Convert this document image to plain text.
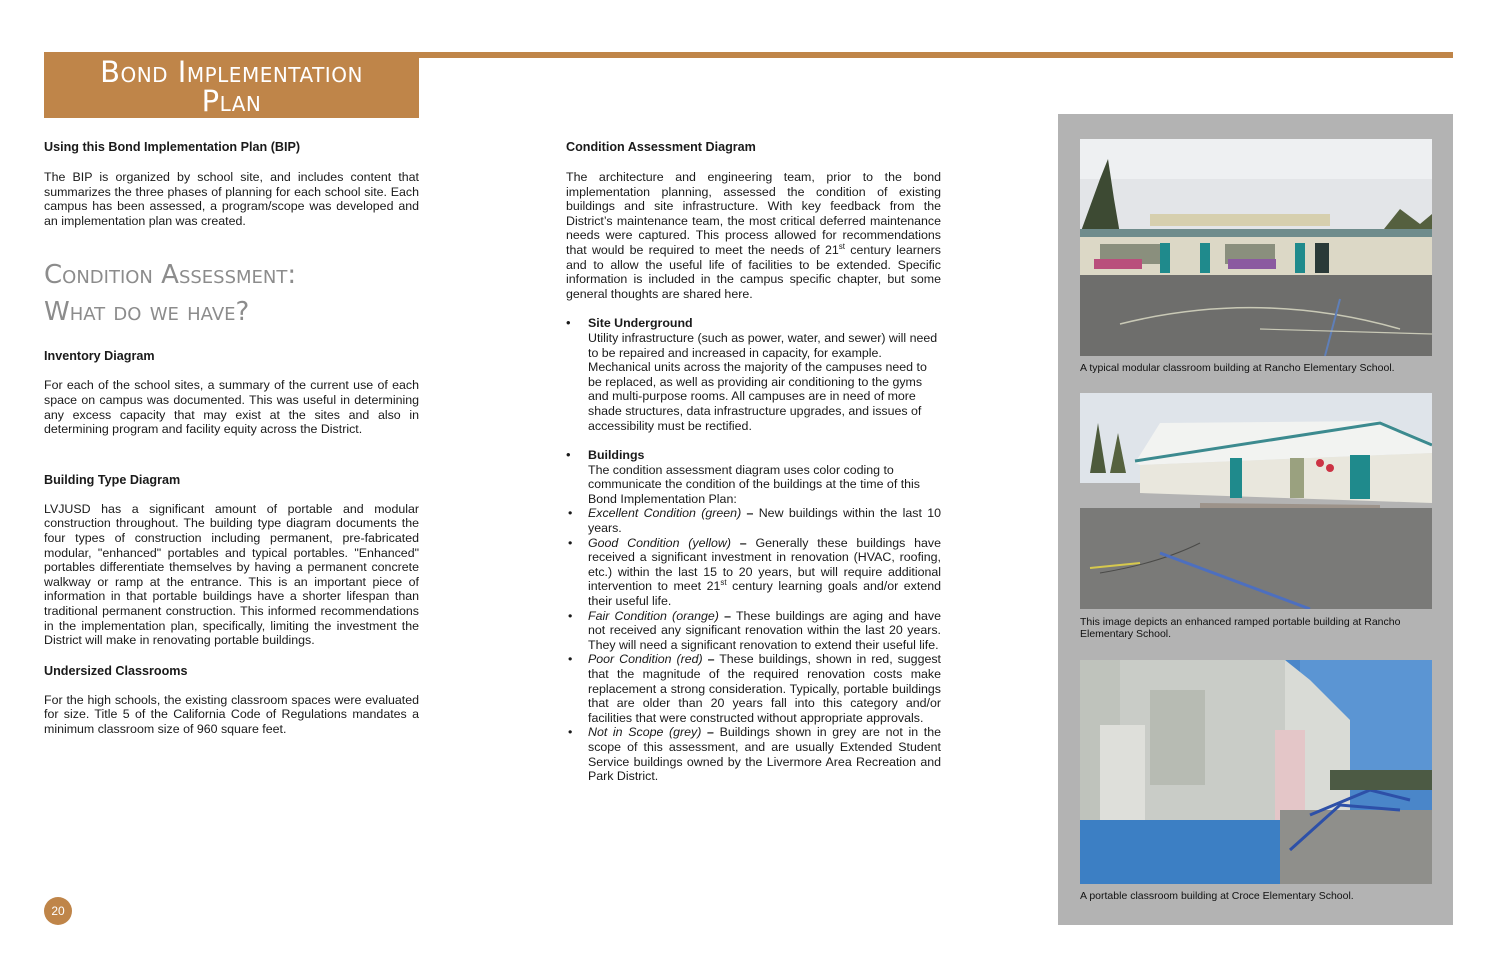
Bond Implementation
Plan
Using this Bond Implementation Plan (BIP)
The BIP is organized by school site, and includes content that summarizes the three phases of planning for each school site. Each campus has been assessed, a program/scope was developed and an implementation plan was created.
Condition Assessment:
What do we have?
Inventory Diagram
For each of the school sites, a summary of the current use of each space on campus was documented. This was useful in determining any excess capacity that may exist at the sites and also in determining program and facility equity across the District.
Building Type Diagram
LVJUSD has a significant amount of portable and modular construction throughout. The building type diagram documents the four types of construction including permanent, pre-fabricated modular, "enhanced" portables and typical portables. "Enhanced" portables differentiate themselves by having a permanent concrete walkway or ramp at the entrance. This is an important piece of information in that portable buildings have a shorter lifespan than traditional permanent construction. This informed recommendations in the implementation plan, specifically, limiting the investment the District will make in renovating portable buildings.
Undersized Classrooms
For the high schools, the existing classroom spaces were evaluated for size. Title 5 of the California Code of Regulations mandates a minimum classroom size of 960 square feet.
Condition Assessment Diagram
The architecture and engineering team, prior to the bond implementation planning, assessed the condition of existing buildings and site infrastructure. With key feedback from the District’s maintenance team, the most critical deferred maintenance needs were captured. This process allowed for recommendations that would be required to meet the needs of 21st century learners and to allow the useful life of facilities to be extended. Specific information is included in the campus specific chapter, but some general thoughts are shared here.
• Site Underground
Utility infrastructure (such as power, water, and sewer) will need to be repaired and increased in capacity, for example. Mechanical units across the majority of the campuses need to be replaced, as well as providing air conditioning to the gyms and multi-purpose rooms. All campuses are in need of more shade structures, data infrastructure upgrades, and issues of accessibility must be rectified.
• Buildings
The condition assessment diagram uses color coding to communicate the condition of the buildings at the time of this Bond Implementation Plan:
• Excellent Condition (green) – New buildings within the last 10 years.
• Good Condition (yellow) – Generally these buildings have received a significant investment in renovation (HVAC, roofing, etc.) within the last 15 to 20 years, but will require additional intervention to meet 21st century learning goals and/or extend their useful life.
• Fair Condition (orange) – These buildings are aging and have not received any significant renovation within the last 20 years. They will need a significant renovation to extend their useful life.
• Poor Condition (red) – These buildings, shown in red, suggest that the magnitude of the required renovation costs make replacement a strong consideration. Typically, portable buildings that are older than 20 years fall into this category and/or facilities that were constructed without appropriate approvals.
• Not in Scope (grey) – Buildings shown in grey are not in the scope of this assessment, and are usually Extended Student Service buildings owned by the Livermore Area Recreation and Park District.
A typical modular classroom building at Rancho Elementary School.
This image depicts an enhanced ramped portable building at Rancho Elementary School.
A portable classroom building at Croce Elementary School.
20
